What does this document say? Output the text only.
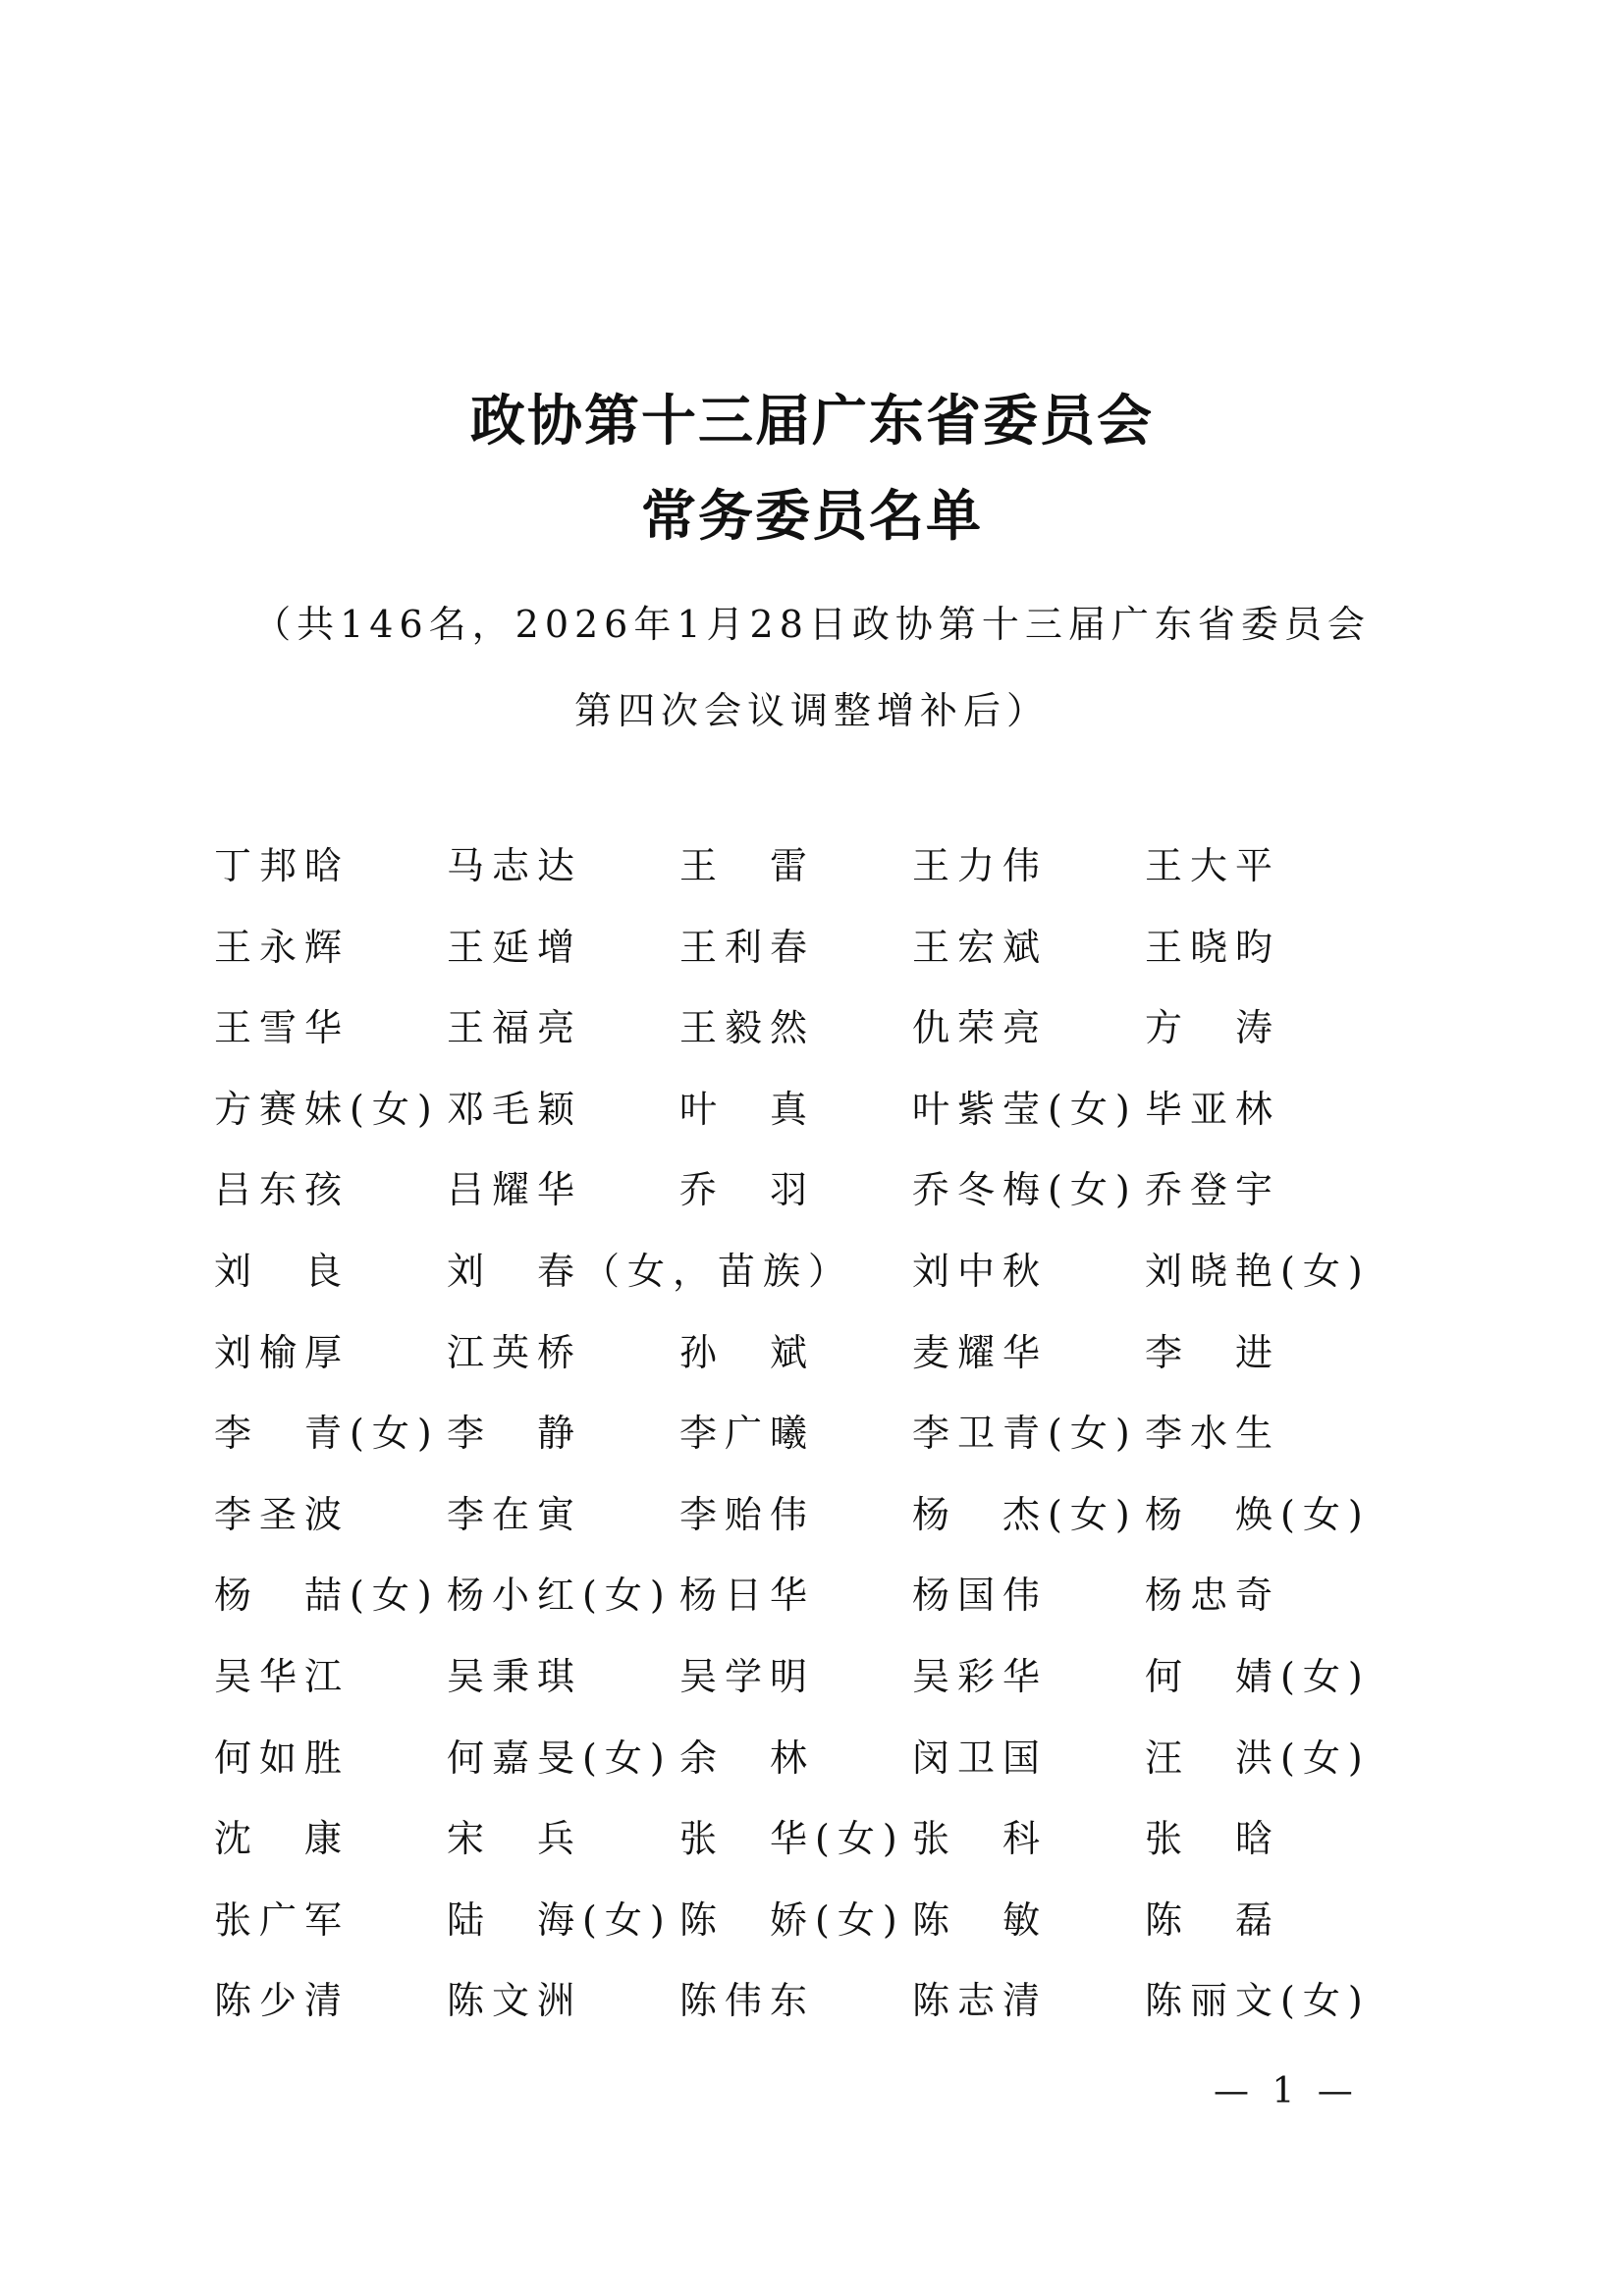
政协第十三届广东省委员会
常务委员名单
（共146名，2026年1月28日政协第十三届广东省委员会
第四次会议调整增补后）
丁邦晗	马志达	王　雷	王力伟	王大平
王永辉	王延增	王利春	王宏斌	王晓昀
王雪华	王福亮	王毅然	仇荣亮	方　涛
方赛妹(女) 邓毛颖	叶　真	叶紫莹(女) 毕亚林
吕东孩	吕耀华	乔　羽	乔冬梅(女) 乔登宇
刘　良	刘　春（女，苗族） 刘中秋	刘晓艳(女)
刘榆厚	江英桥	孙　斌	麦耀华	李　进
李　青(女) 李　静	李广曦	李卫青(女) 李水生
李圣波	李在寅	李贻伟	杨　杰(女) 杨　焕(女)
杨　喆(女) 杨小红(女) 杨日华	杨国伟	杨忠奇
吴华江	吴秉琪	吴学明	吴彩华	何　婧(女)
何如胜	何嘉旻(女) 余　林	闵卫国	汪　洪(女)
沈　康	宋　兵	张　华(女) 张　科	张　晗
张广军	陆　海(女) 陈　娇(女) 陈　敏	陈　磊
陈少清	陈文洲	陈伟东	陈志清	陈丽文(女)
— 1 —
